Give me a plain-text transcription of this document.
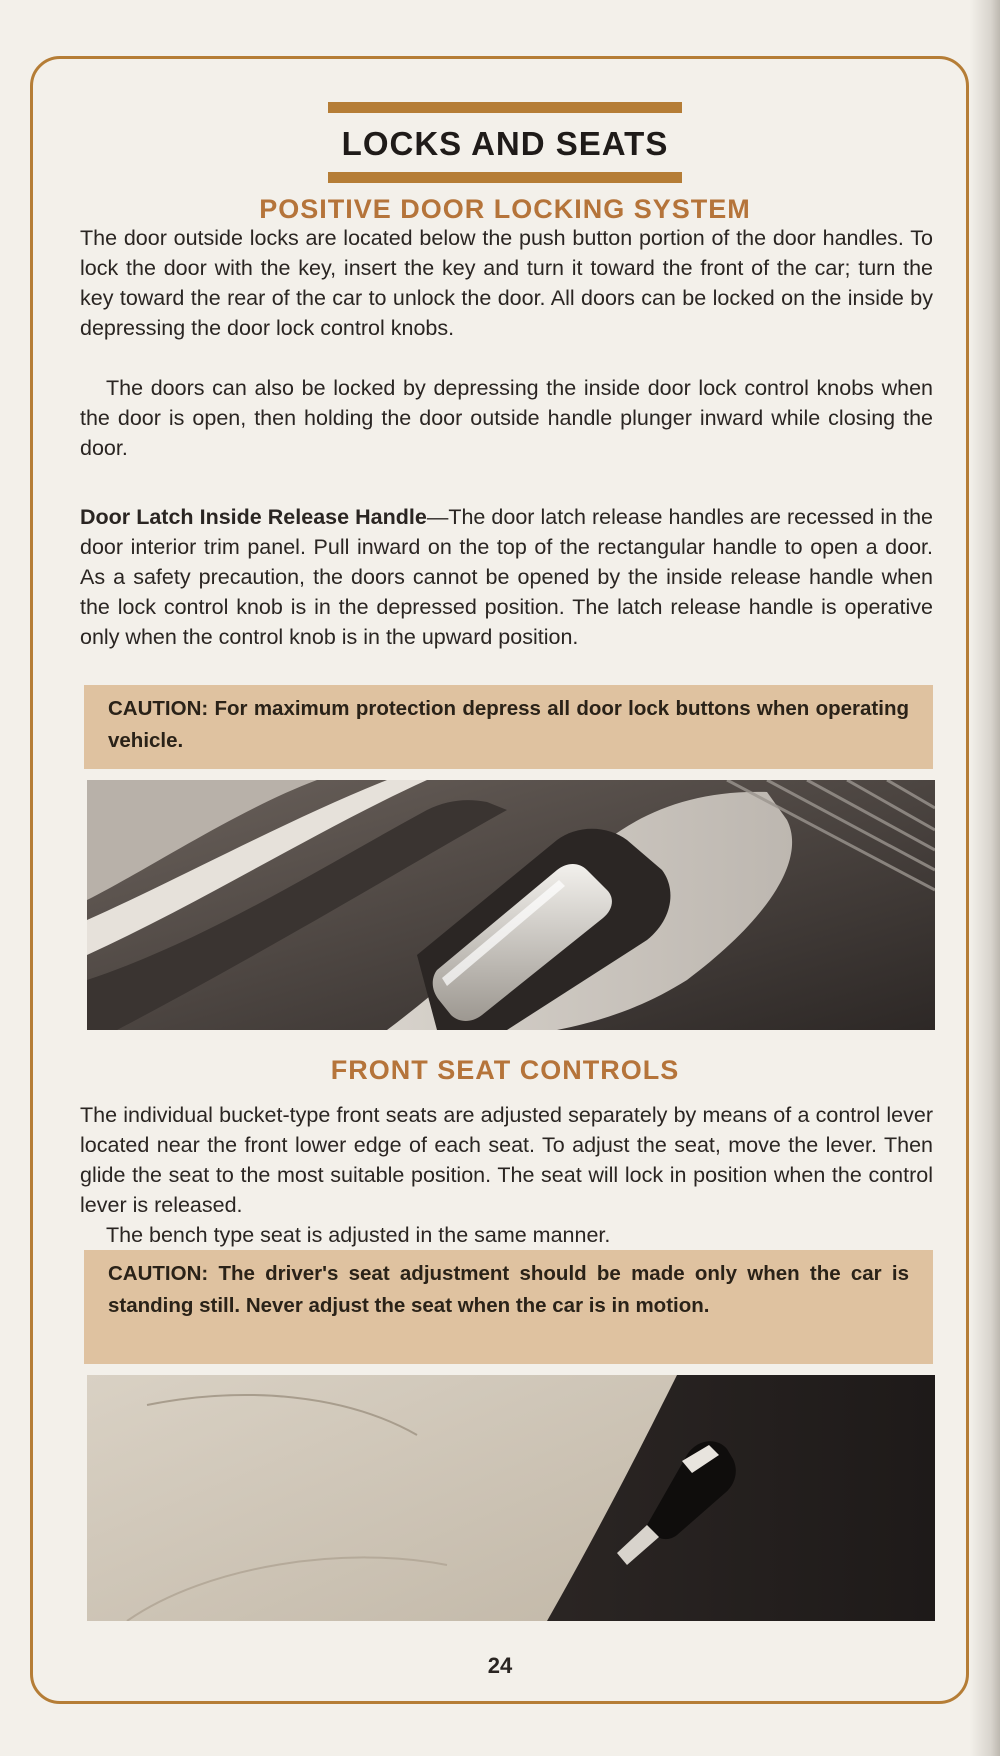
LOCKS AND SEATS
POSITIVE DOOR LOCKING SYSTEM

The door outside locks are located below the push button portion of the door handles. To lock the door with the key, insert the key and turn it toward the front of the car; turn the key toward the rear of the car to unlock the door. All doors can be locked on the inside by depressing the door lock control knobs.

The doors can also be locked by depressing the inside door lock control knobs when the door is open, then holding the door outside handle plunger inward while closing the door.

Door Latch Inside Release Handle—The door latch release handles are recessed in the door interior trim panel. Pull inward on the top of the rectangular handle to open a door. As a safety precaution, the doors cannot be opened by the inside release handle when the lock control knob is in the depressed position. The latch release handle is operative only when the control knob is in the upward position.

CAUTION: For maximum protection depress all door lock buttons when operating vehicle.
FRONT SEAT CONTROLS

The individual bucket-type front seats are adjusted separately by means of a control lever located near the front lower edge of each seat. To adjust the seat, move the lever. Then glide the seat to the most suitable position. The seat will lock in position when the control lever is released.

The bench type seat is adjusted in the same manner.

CAUTION: The driver's seat adjustment should be made only when the car is standing still. Never adjust the seat when the car is in motion.
24
